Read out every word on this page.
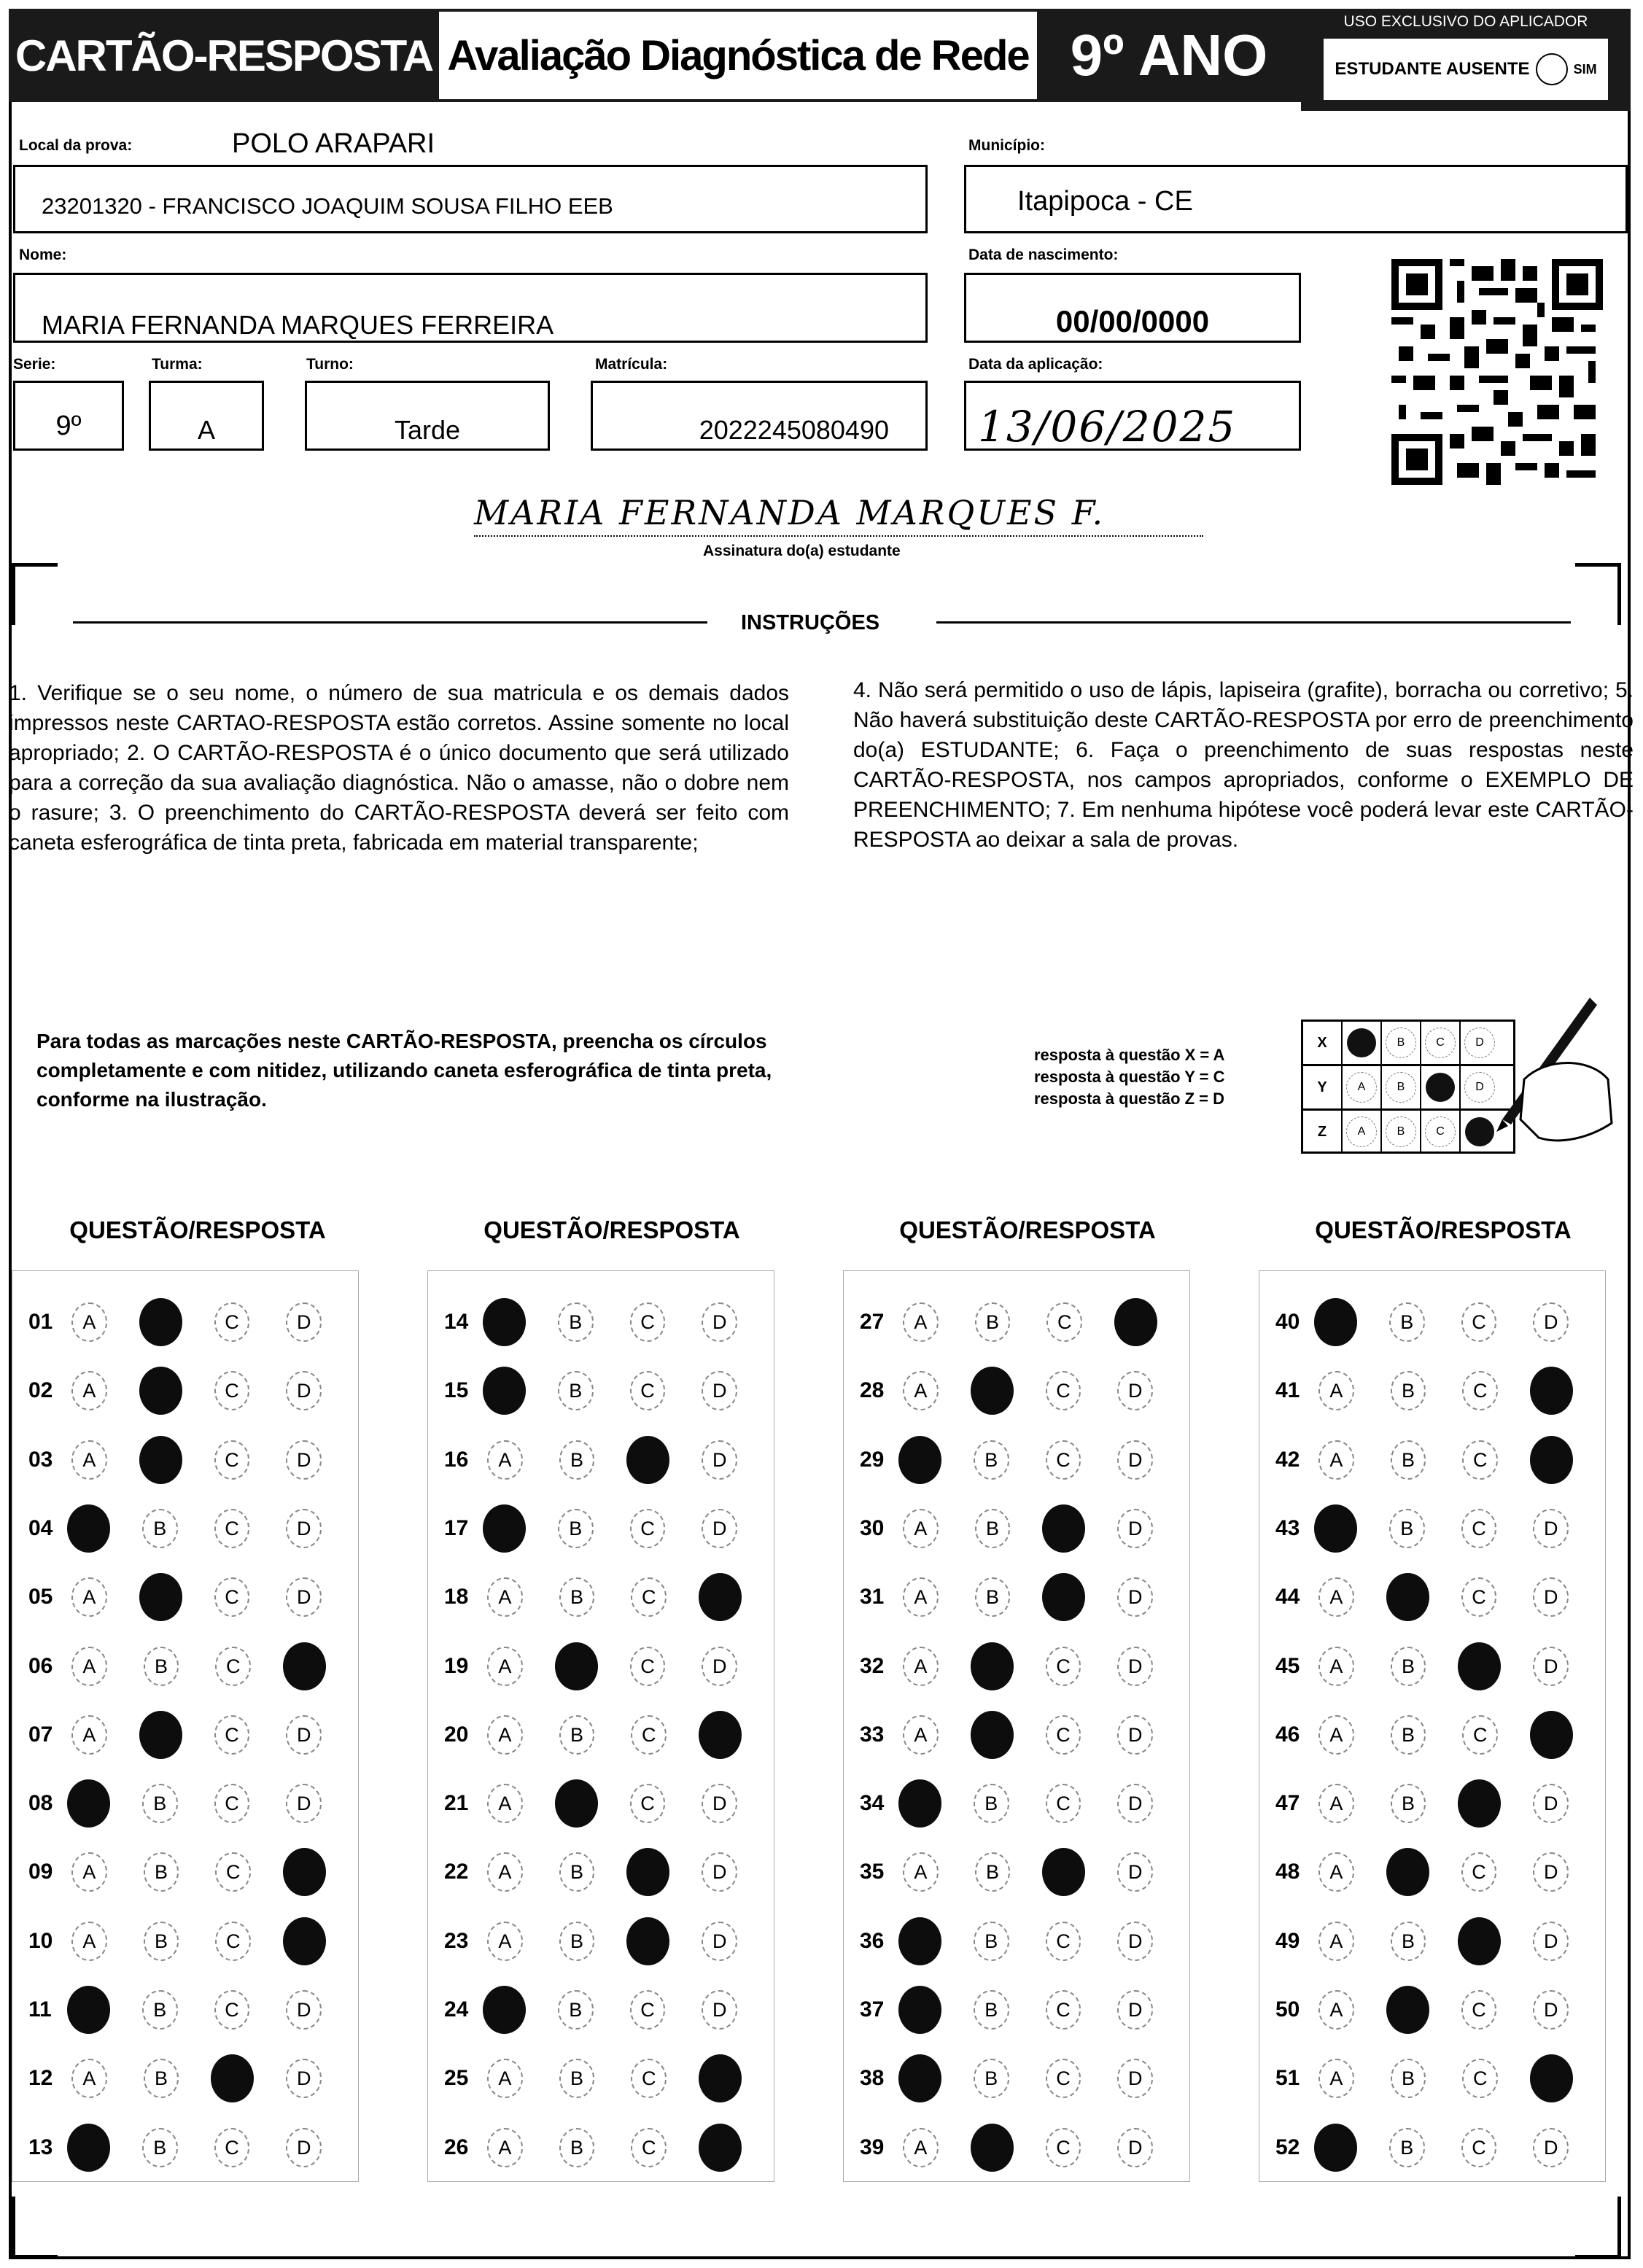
CARTÃO-RESPOSTA Avaliação Diagnóstica de Rede 9º ANO
USO EXCLUSIVO DO APLICADOR
ESTUDANTE AUSENTE	SIM
Local da prova:	POLO ARAPARI
23201320 - FRANCISCO JOAQUIM SOUSA FILHO EEB
Município:
Itapipoca - CE
Nome:
MARIA FERNANDA MARQUES FERREIRA
Data de nascimento:
00/00/0000
Serie:
9º
Turma:
A
Turno:
Tarde
Matrícula:
2022245080490
Data da aplicação:
13/06/2025
MARIA FERNANDA MARQUES F.
Assinatura do(a) estudante
INSTRUÇÕES
1. Verifique se o seu nome, o número de sua matricula e os demais dados impressos neste CARTAO-RESPOSTA estão corretos. Assine somente no local apropriado; 2. O CARTÃO-RESPOSTA é o único documento que será utilizado para a correção da sua avaliação diagnóstica. Não o amasse, não o dobre nem o rasure; 3. O preenchimento do CARTÃO-RESPOSTA deverá ser feito com caneta esferográfica de tinta preta, fabricada em material transparente;
4. Não será permitido o uso de lápis, lapiseira (grafite), borracha ou corretivo; 5. Não haverá substituição deste CARTÃO-RESPOSTA por erro de preenchimento do(a) ESTUDANTE; 6. Faça o preenchimento de suas respostas neste CARTÃO-RESPOSTA, nos campos apropriados, conforme o EXEMPLO DE PREENCHIMENTO; 7. Em nenhuma hipótese você poderá levar este CARTÃO-RESPOSTA ao deixar a sala de provas.
Para todas as marcações neste CARTÃO-RESPOSTA, preencha os círculos completamente e com nitidez, utilizando caneta esferográfica de tinta preta, conforme na ilustração.
resposta à questão X = A
resposta à questão Y = C
resposta à questão Z = D
X	B	C	D
Y	A	B	D
Z	A	B	C
QUESTÃO/RESPOSTA	QUESTÃO/RESPOSTA	QUESTÃO/RESPOSTA	QUESTÃO/RESPOSTA
01	A	C	D
02	A	C	D
03	A	C	D
04	B	C	D
05	A	C	D
06	A	B	C
07	A	C	D
08	B	C	D
09	A	B	C
10	A	B	C
11	B	C	D
12	A	B	D
13	B	C	D
14	B	C	D
15	B	C	D
16	A	B	D
17	B	C	D
18	A	B	C
19	A	C	D
20	A	B	C
21	A	C	D
22	A	B	D
23	A	B	D
24	B	C	D
25	A	B	C
26	A	B	C
27	A	B	C
28	A	C	D
29	B	C	D
30	A	B	D
31	A	B	D
32	A	C	D
33	A	C	D
34	B	C	D
35	A	B	D
36	B	C	D
37	B	C	D
38	B	C	D
39	A	C	D
40	B	C	D
41	A	B	C
42	A	B	C
43	B	C	D
44	A	C	D
45	A	B	D
46	A	B	C
47	A	B	D
48	A	C	D
49	A	B	D
50	A	C	D
51	A	B	C
52	B	C	D
